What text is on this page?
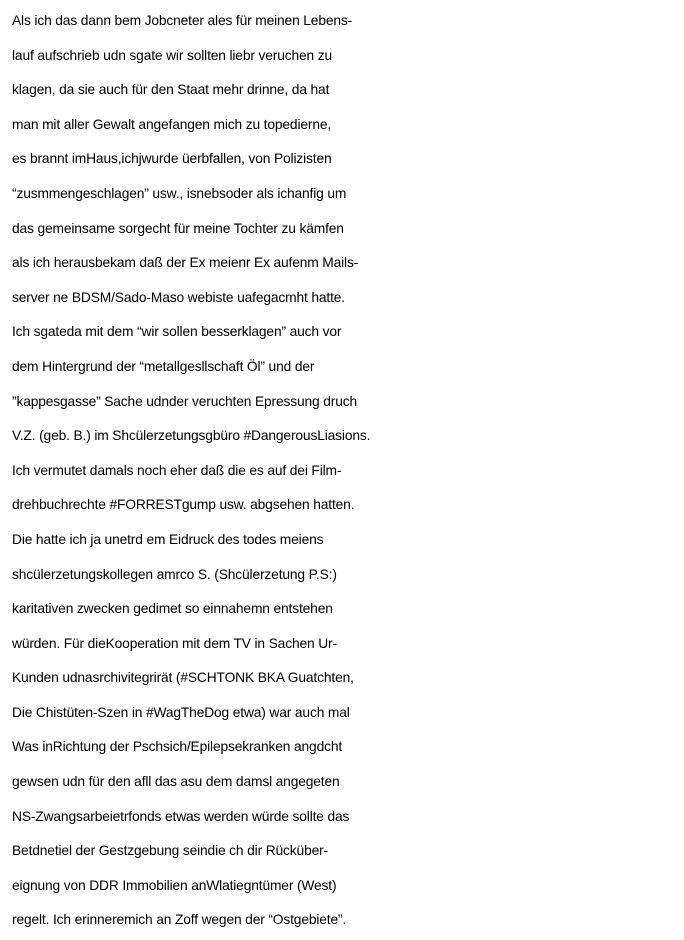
Als ich das dann bem Jobcneter ales für meinen Lebens-
lauf aufschrieb udn sgate wir sollten liebr veruchen zu
klagen, da sie auch für den Staat mehr drinne, da hat
man mit aller Gewalt angefangen mich zu topedierne,
es brannt imHaus,ichjwurde üerbfallen, von Polizisten
“zusmmengeschlagen” usw., isnebsoder als ichanfig um
das gemeinsame sorgecht für meine Tochter zu kämfen
als ich herausbekam daß der Ex meienr Ex aufenm Mails-
server ne BDSM/Sado-Maso webiste uafegacmht hatte.
Ich sgateda mit dem “wir sollen besserklagen” auch vor
dem Hintergrund der “metallgesllschaft Öl” und der
”kappesgasse” Sache udnder veruchten Epressung druch
V.Z. (geb. B.) im Shcülerzetungsgbüro #DangerousLiasions.
Ich vermutet damals noch eher daß die es auf dei Film-
drehbuchrechte #FORRESTgump usw. abgsehen hatten.
Die hatte ich ja unetrd em Eidruck des todes meiens
shcülerzetungskollegen amrco S. (Shcülerzetung P.S:)
karitativen zwecken gedimet so einnahemn entstehen
würden. Für dieKooperation mit dem TV in Sachen Ur-
Kunden udnasrchivitegrirät (#SCHTONK BKA Guatchten,
Die Chistüten-Szen in #WagTheDog etwa) war auch mal
Was inRichtung der Pschsich/Epilepsekranken angdcht
gewsen udn für den afll das asu dem damsl angegeten
NS-Zwangsarbeietrfonds etwas werden würde sollte das
Betdnetiel der Gestzgebung seindie ch dir Rücküber-
eignung von DDR Immobilien anWlatiegntümer (West)
regelt. Ich erinneremich an Zoff wegen der “Ostgebiete”.
